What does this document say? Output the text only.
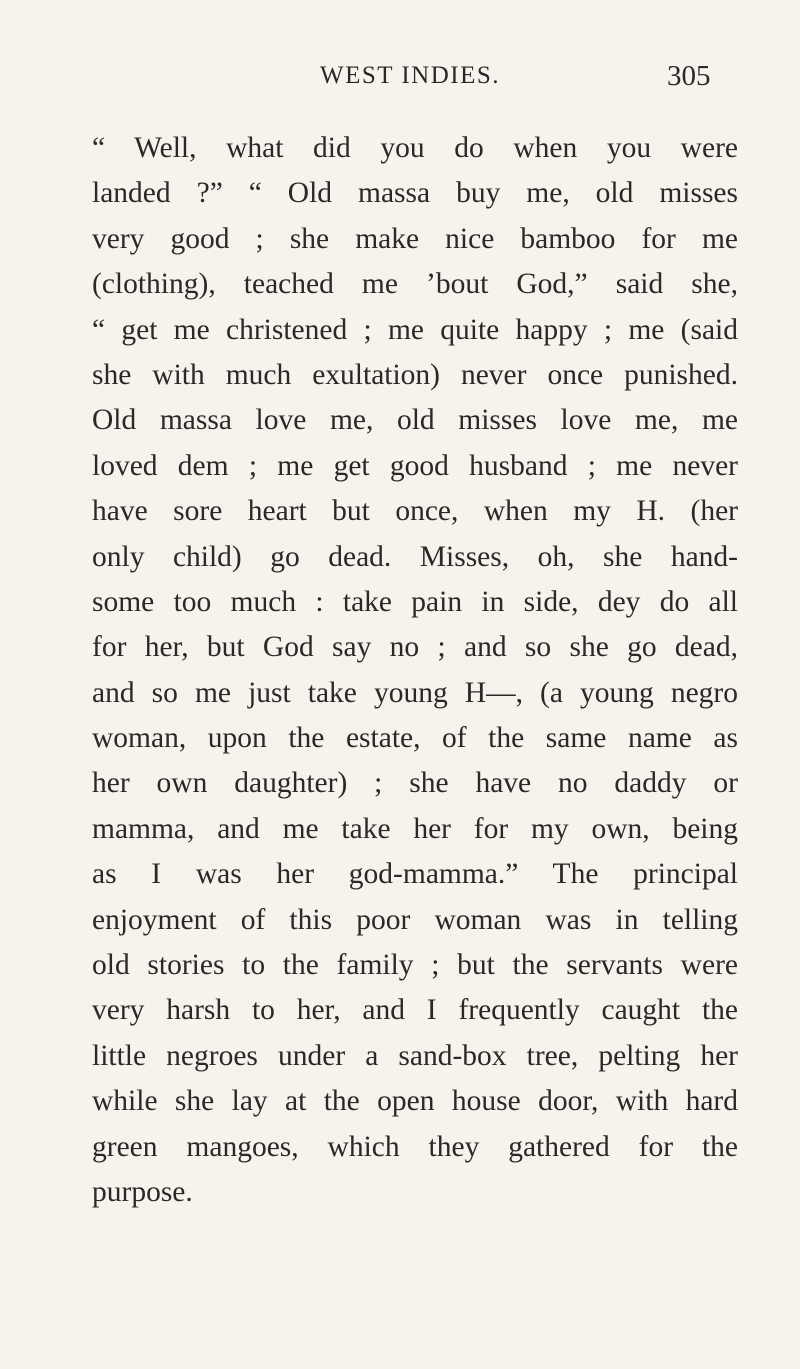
WEST INDIES.	305
“ Well, what did you do when you were
landed ?” “ Old massa buy me, old misses
very good ; she make nice bamboo for me
(clothing), teached me ’bout God,” said she,
“ get me christened ; me quite happy ; me (said
she with much exultation) never once punished.
Old massa love me, old misses love me, me
loved dem ; me get good husband ; me never
have sore heart but once, when my H. (her
only child) go dead. Misses, oh, she hand-
some too much : take pain in side, dey do all
for her, but God say no ; and so she go dead,
and so me just take young H—, (a young negro
woman, upon the estate, of the same name as
her own daughter) ; she have no daddy or
mamma, and me take her for my own, being
as I was her god-mamma.” The principal
enjoyment of this poor woman was in telling
old stories to the family ; but the servants were
very harsh to her, and I frequently caught the
little negroes under a sand-box tree, pelting her
while she lay at the open house door, with hard
green mangoes, which they gathered for the
purpose.
